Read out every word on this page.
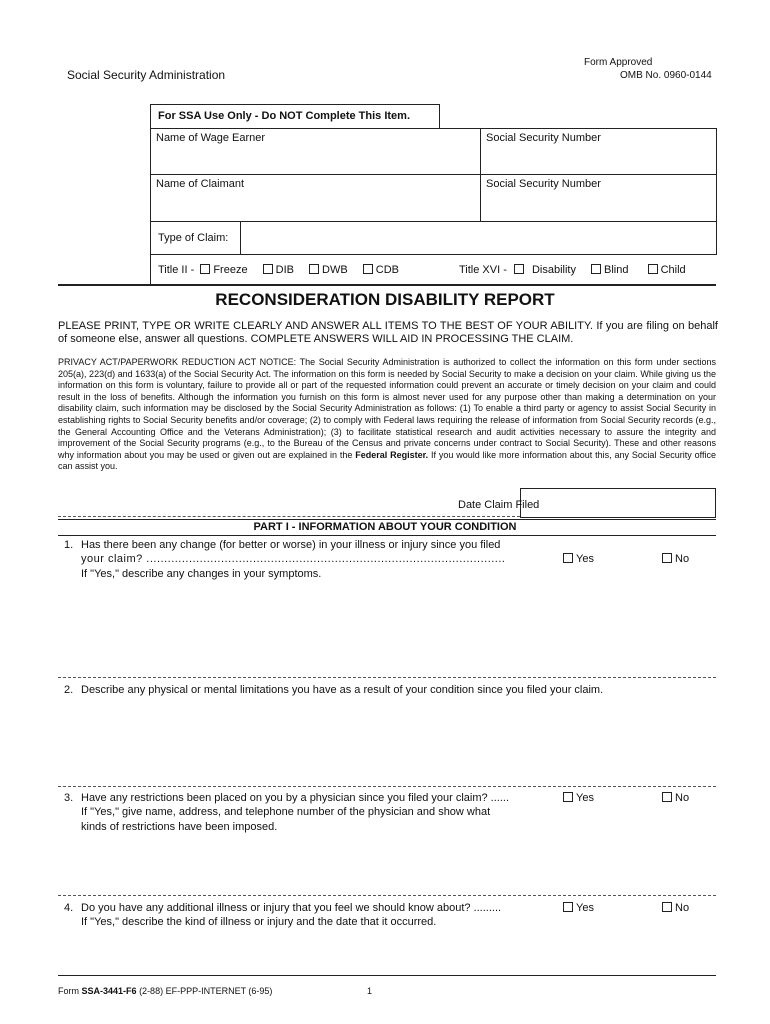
Form Approved
OMB No. 0960-0144
Social Security Administration
For SSA Use Only - Do NOT Complete This Item.
Name of Wage Earner	Social Security Number
Name of Claimant	Social Security Number
Type of Claim:
Title II - Freeze	DIB	DWB	CDB	Title XVI - Disability	Blind	Child
RECONSIDERATION DISABILITY REPORT
PLEASE PRINT, TYPE OR WRITE CLEARLY AND ANSWER ALL ITEMS TO THE BEST OF YOUR ABILITY. If you are filing on behalf of someone else, answer all questions. COMPLETE ANSWERS WILL AID IN PROCESSING THE CLAIM.
PRIVACY ACT/PAPERWORK REDUCTION ACT NOTICE: The Social Security Administration is authorized to collect the information on this form under sections 205(a), 223(d) and 1633(a) of the Social Security Act. The information on this form is needed by Social Security to make a decision on your claim. While giving us the information on this form is voluntary, failure to provide all or part of the requested information could prevent an accurate or timely decision on your claim and could result in the loss of benefits. Although the information you furnish on this form is almost never used for any purpose other than making a determination on your disability claim, such information may be disclosed by the Social Security Administration as follows: (1) To enable a third party or agency to assist Social Security in establishing rights to Social Security benefits and/or coverage; (2) to comply with Federal laws requiring the release of information from Social Security records (e.g., the General Accounting Office and the Veterans Administration); (3) to facilitate statistical research and audit activities necessary to assure the integrity and improvement of the Social Security programs (e.g., to the Bureau of the Census and private concerns under contract to Social Security). These and other reasons why information about you may be used or given out are explained in the Federal Register. If you would like more information about this, any Social Security office can assist you.
Date Claim Filed
PART I - INFORMATION ABOUT YOUR CONDITION
1. Has there been any change (for better or worse) in your illness or injury since you filed
your claim? .....................................................................................................
If "Yes," describe any changes in your symptoms.
Yes	No
2. Describe any physical or mental limitations you have as a result of your condition since you filed your claim.
3. Have any restrictions been placed on you by a physician since you filed your claim? ......
If "Yes," give name, address, and telephone number of the physician and show what
kinds of restrictions have been imposed.
Yes	No
4. Do you have any additional illness or injury that you feel we should know about? .........
If "Yes," describe the kind of illness or injury and the date that it occurred.
Yes	No
Form SSA-3441-F6 (2-88) EF-PPP-INTERNET (6-95)	1
